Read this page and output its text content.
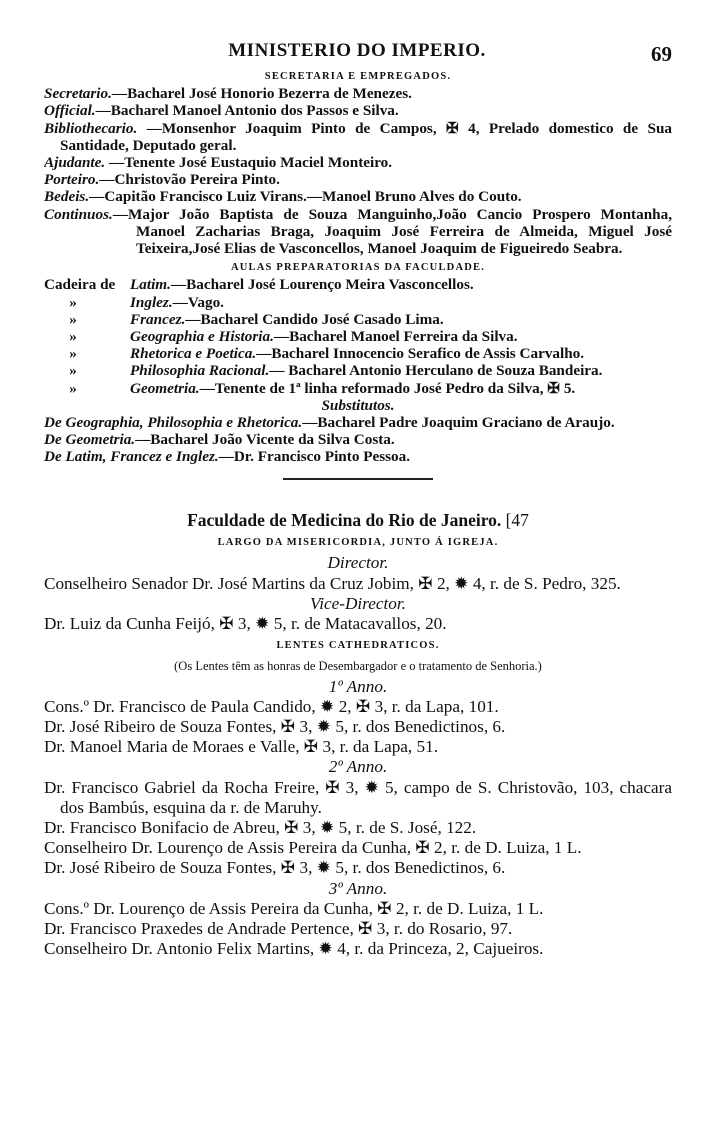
MINISTERIO DO IMPERIO.	69
SECRETARIA E EMPREGADOS.
Secretario.—Bacharel José Honorio Bezerra de Menezes.
Official.—Bacharel Manoel Antonio dos Passos e Silva.
Bibliothecario. —Monsenhor Joaquim Pinto de Campos, ✠ 4, Prelado domestico de Sua Santidade, Deputado geral.
Ajudante. —Tenente José Eustaquio Maciel Monteiro.
Porteiro.—Christovão Pereira Pinto.
Bedeis.—Capitão Francisco Luiz Virans.—Manoel Bruno Alves do Couto.
Continuos.—Major João Baptista de Souza Manguinho,João Cancio Prospero Montanha, Manoel Zacharias Braga, Joaquim José Ferreira de Almeida, Miguel José Teixeira,José Elias de Vasconcellos, Manoel Joaquim de Figueiredo Seabra.
AULAS PREPARATORIAS DA FACULDADE.
Cadeira de Latim.—Bacharel José Lourenço Meira Vasconcellos.
»	Inglez.—Vago.
»	Francez.—Bacharel Candido José Casado Lima.
»	Geographia e Historia.—Bacharel Manoel Ferreira da Silva.
»	Rhetorica e Poetica.—Bacharel Innocencio Serafico de Assis Carvalho.
»	Philosophia Racional.— Bacharel Antonio Herculano de Souza Bandeira.
»	Geometria.—Tenente de 1ª linha reformado José Pedro da Silva, ✠ 5.
Substitutos.
De Geographia, Philosophia e Rhetorica.—Bacharel Padre Joaquim Graciano de Araujo.
De Geometria.—Bacharel João Vicente da Silva Costa.
De Latim, Francez e Inglez.—Dr. Francisco Pinto Pessoa.
Faculdade de Medicina do Rio de Janeiro. [47
LARGO DA MISERICORDIA, JUNTO Á IGREJA.
Director.
Conselheiro Senador Dr. José Martins da Cruz Jobim, ✠ 2, ✹ 4, r. de S. Pedro, 325.
Vice-Director.
Dr. Luiz da Cunha Feijó, ✠ 3, ✹ 5, r. de Matacavallos, 20.
LENTES CATHEDRATICOS.
(Os Lentes têm as honras de Desembargador e o tratamento de Senhoria.)
1º Anno.
Cons.º Dr. Francisco de Paula Candido, ✹ 2, ✠ 3, r. da Lapa, 101.
Dr. José Ribeiro de Souza Fontes, ✠ 3, ✹ 5, r. dos Benedictinos, 6.
Dr. Manoel Maria de Moraes e Valle, ✠ 3, r. da Lapa, 51.
2º Anno.
Dr. Francisco Gabriel da Rocha Freire, ✠ 3, ✹ 5, campo de S. Christovão, 103, chacara dos Bambús, esquina da r. de Maruhy.
Dr. Francisco Bonifacio de Abreu, ✠ 3, ✹ 5, r. de S. José, 122.
Conselheiro Dr. Lourenço de Assis Pereira da Cunha, ✠ 2, r. de D. Luiza, 1 L.
Dr. José Ribeiro de Souza Fontes, ✠ 3, ✹ 5, r. dos Benedictinos, 6.
3º Anno.
Cons.º Dr. Lourenço de Assis Pereira da Cunha, ✠ 2, r. de D. Luiza, 1 L.
Dr. Francisco Praxedes de Andrade Pertence, ✠ 3, r. do Rosario, 97.
Conselheiro Dr. Antonio Felix Martins, ✹ 4, r. da Princeza, 2, Cajueiros.
